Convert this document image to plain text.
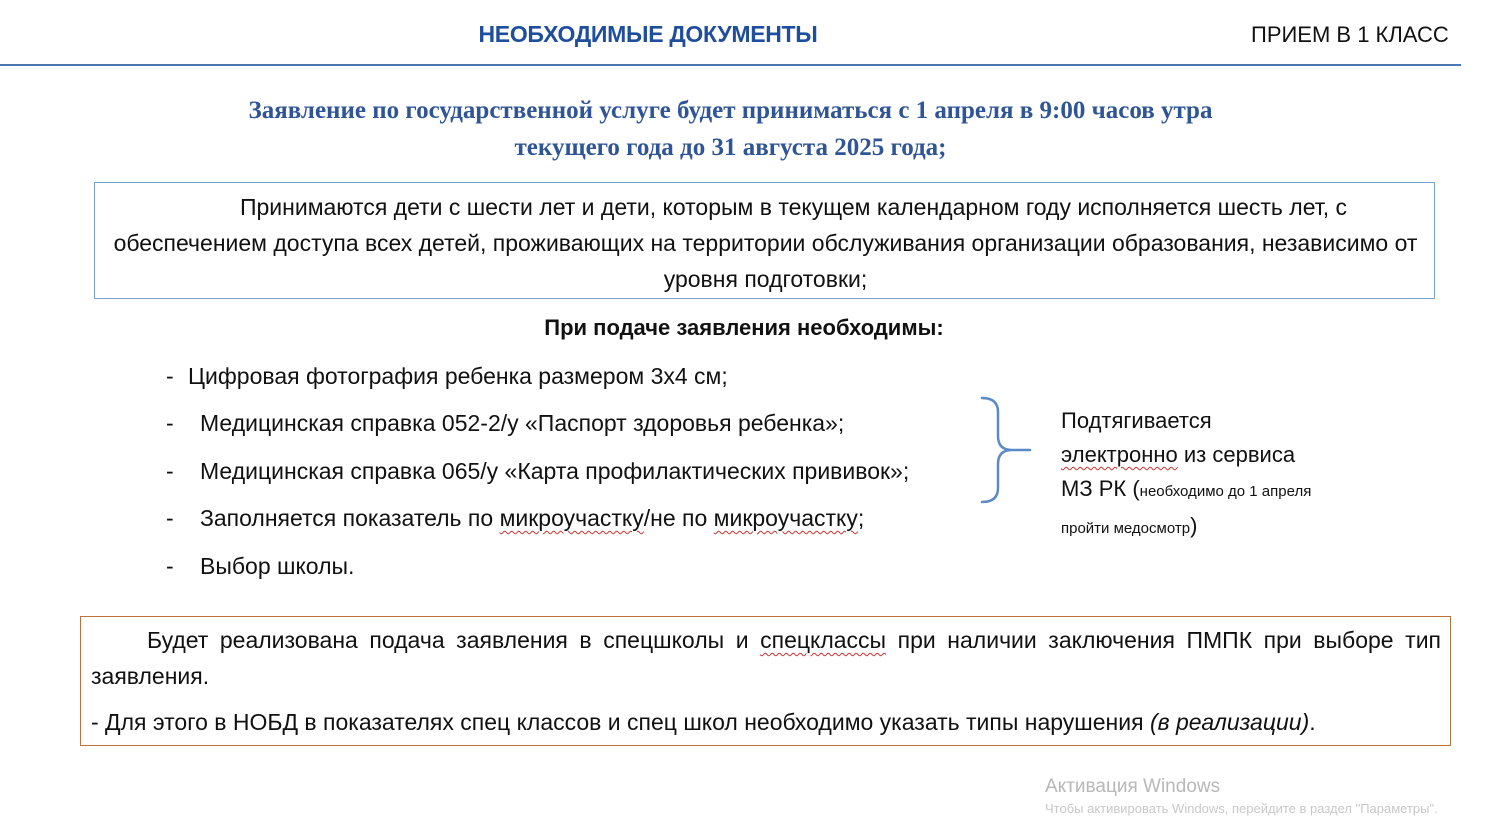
НЕОБХОДИМЫЕ ДОКУМЕНТЫ	ПРИЕМ В 1 КЛАСС
Заявление по государственной услуге будет приниматься с 1 апреля в 9:00 часов утра
текущего года до 31 августа 2025 года;
Принимаются дети с шести лет и дети, которым в текущем календарном году исполняется шесть лет, с обеспечением доступа всех детей, проживающих на территории обслуживания организации образования, независимо от уровня подготовки;
При подаче заявления необходимы:
- Цифровая фотография ребенка размером 3х4 см;
- Медицинская справка 052-2/у «Паспорт здоровья ребенка»;
- Медицинская справка 065/у «Карта профилактических прививок»;
- Заполняется показатель по микроучастку/не по микроучастку;
- Выбор школы.
Подтягивается
электронно из сервиса
МЗ РК (необходимо до 1 апреля
пройти медосмотр)
Будет реализована подача заявления в спецшколы и спецклассы при наличии заключения ПМПК при выборе тип заявления.
- Для этого в НОБД в показателях спец классов и спец школ необходимо указать типы нарушения (в реализации).
Активация Windows
Чтобы активировать Windows, перейдите в раздел "Параметры".
